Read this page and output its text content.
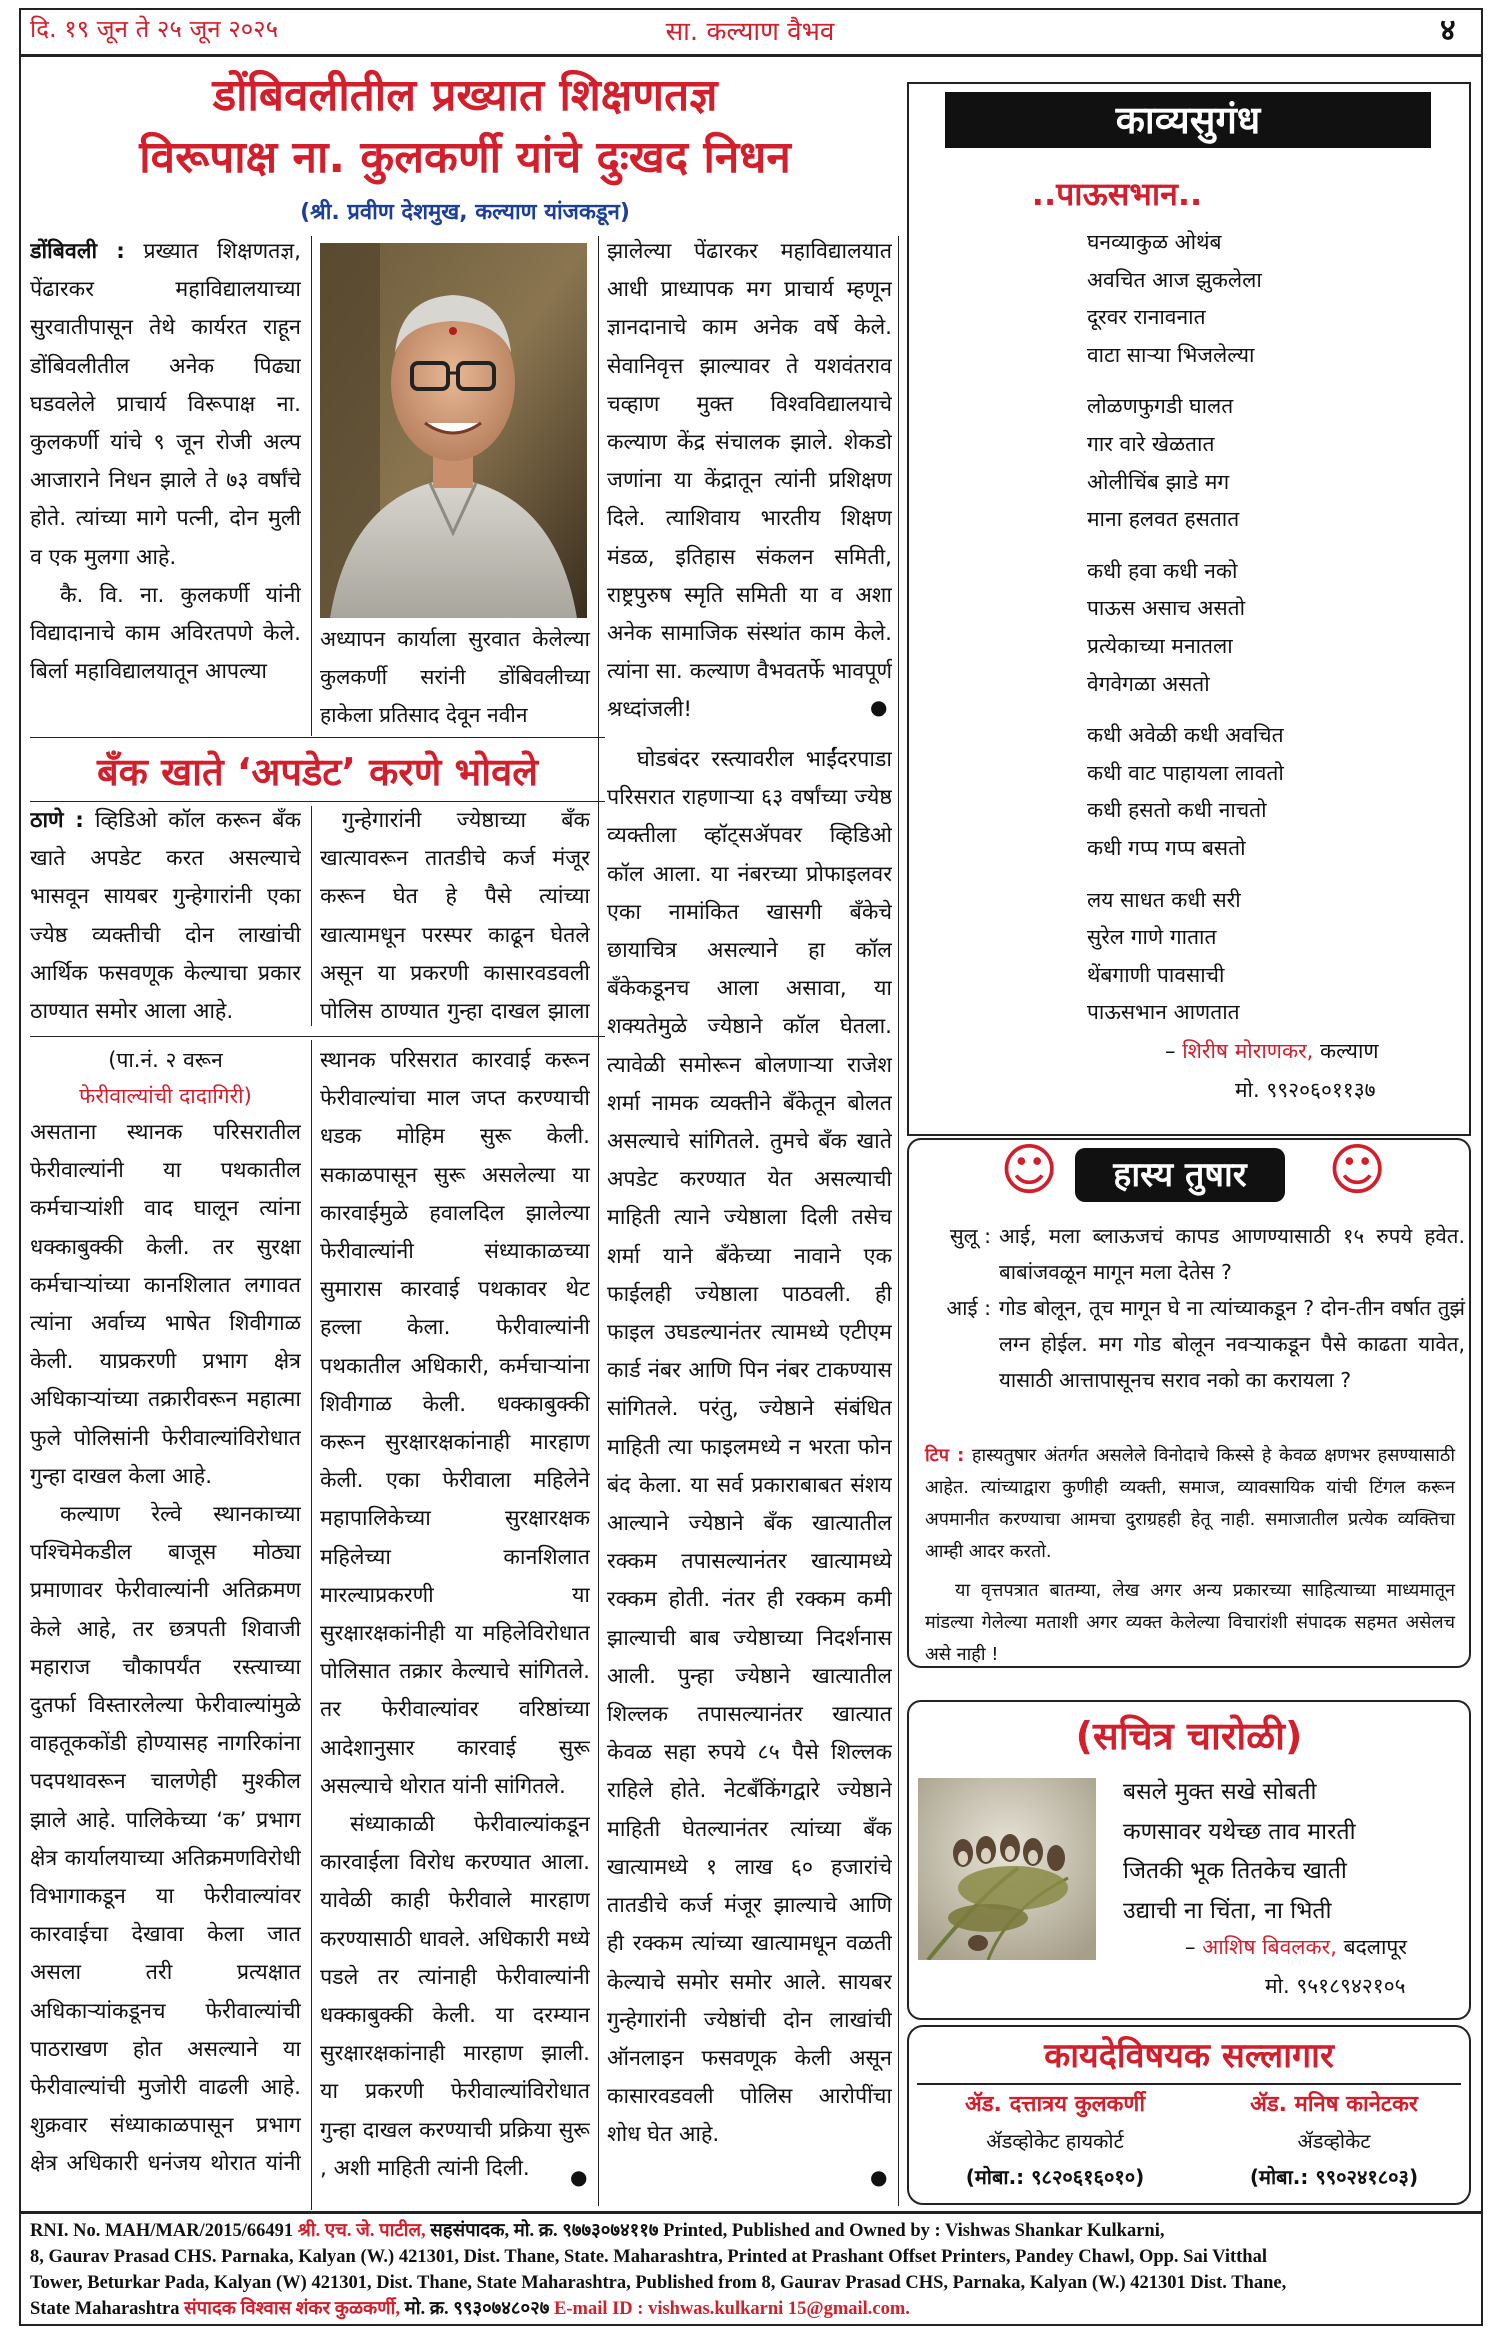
दि. १९ जून ते २५ जून २०२५	सा. कल्याण वैभव	४
डोंबिवलीतील प्रख्यात शिक्षणतज्ञ
विरूपाक्ष ना. कुलकर्णी यांचे दुःखद निधन
(श्री. प्रवीण देशमुख, कल्याण यांजकडून)

डोंबिवली : प्रख्यात शिक्षणतज्ञ, पेंढारकर महाविद्यालयाच्या सुरवातीपासून तेथे कार्यरत राहून डोंबिवलीतील अनेक पिढ्या घडवलेले प्राचार्य विरूपाक्ष ना. कुलकर्णी यांचे ९ जून रोजी अल्प आजाराने निधन झाले ते ७३ वर्षांचे होते. त्यांच्या मागे पत्नी, दोन मुली व एक मुलगा आहे.

कै. वि. ना. कुलकर्णी यांनी विद्यादानाचे काम अविरतपणे केले. बिर्ला महाविद्यालयातून आपल्या

अध्यापन कार्याला सुरवात केलेल्या कुलकर्णी सरांनी डोंबिवलीच्या हाकेला प्रतिसाद देवून नवीन

झालेल्या पेंढारकर महाविद्यालयात आधी प्राध्यापक मग प्राचार्य म्हणून ज्ञानदानाचे काम अनेक वर्षे केले. सेवानिवृत्त झाल्यावर ते यशवंतराव चव्हाण मुक्त विश्वविद्यालयाचे कल्याण केंद्र संचालक झाले. शेकडो जणांना या केंद्रातून त्यांनी प्रशिक्षण दिले. त्याशिवाय भारतीय शिक्षण मंडळ, इतिहास संकलन समिती, राष्ट्रपुरुष स्मृति समिती या व अशा अनेक सामाजिक संस्थांत काम केले. त्यांना सा. कल्याण वैभवतर्फे भावपूर्ण श्रध्दांजली!	●
बँक खाते ‘अपडेट’ करणे भोवले

ठाणे : व्हिडिओ कॉल करून बँक खाते अपडेट करत असल्याचे भासवून सायबर गुन्हेगारांनी एका ज्येष्ठ व्यक्तीची दोन लाखांची आर्थिक फसवणूक केल्याचा प्रकार ठाण्यात समोर आला आहे.

गुन्हेगारांनी ज्येष्ठाच्या बँक खात्यावरून तातडीचे कर्ज मंजूर करून घेत हे पैसे त्यांच्या खात्यामधून परस्पर काढून घेतले असून या प्रकरणी कासारवडवली पोलिस ठाण्यात गुन्हा दाखल झाला

घोडबंदर रस्त्यावरील भाईंदरपाडा परिसरात राहणाऱ्या ६३ वर्षांच्या ज्येष्ठ व्यक्तीला व्हॉट्सॲपवर व्हिडिओ कॉल आला. या नंबरच्या प्रोफाइलवर एका नामांकित खासगी बँकेचे छायाचित्र असल्याने हा कॉल बँकेकडूनच आला असावा, या शक्यतेमुळे ज्येष्ठाने कॉल घेतला. त्यावेळी समोरून बोलणाऱ्या राजेश शर्मा नामक व्यक्तीने बँकेतून बोलत असल्याचे सांगितले. तुमचे बँक खाते अपडेट करण्यात येत असल्याची माहिती त्याने ज्येष्ठाला दिली तसेच शर्मा याने बँकेच्या नावाने एक फाईलही ज्येष्ठाला पाठवली. ही फाइल उघडल्यानंतर त्यामध्ये एटीएम कार्ड नंबर आणि पिन नंबर टाकण्यास सांगितले. परंतु, ज्येष्ठाने संबंधित माहिती त्या फाइलमध्ये न भरता फोन बंद केला. या सर्व प्रकाराबाबत संशय आल्याने ज्येष्ठाने बँक खात्यातील रक्कम तपासल्यानंतर खात्यामध्ये रक्कम होती. नंतर ही रक्कम कमी झाल्याची बाब ज्येष्ठाच्या निदर्शनास आली. पुन्हा ज्येष्ठाने खात्यातील शिल्लक तपासल्यानंतर खात्यात केवळ सहा रुपये ८५ पैसे शिल्लक राहिले होते. नेटबँकिंगद्वारे ज्येष्ठाने माहिती घेतल्यानंतर त्यांच्या बँक खात्यामध्ये १ लाख ६० हजारांचे तातडीचे कर्ज मंजूर झाल्याचे आणि ही रक्कम त्यांच्या खात्यामधून वळती केल्याचे समोर समोर आले. सायबर गुन्हेगारांनी ज्येष्ठांची दोन लाखांची ऑनलाइन फसवणूक केली असून कासारवडवली पोलिस आरोपींचा शोध घेत आहे.

●
(पा.नं. २ वरून
फेरीवाल्यांची दादागिरी)

असताना स्थानक परिसरातील फेरीवाल्यांनी या पथकातील कर्मचाऱ्यांशी वाद घालून त्यांना धक्काबुक्की केली. तर सुरक्षा कर्मचाऱ्यांच्या कानशिलात लगावत त्यांना अर्वाच्य भाषेत शिवीगाळ केली. याप्रकरणी प्रभाग क्षेत्र अधिकाऱ्यांच्या तक्रारीवरून महात्मा फुले पोलिसांनी फेरीवाल्यांविरोधात गुन्हा दाखल केला आहे.

कल्याण रेल्वे स्थानकाच्या पश्चिमेकडील बाजूस मोठ्या प्रमाणावर फेरीवाल्यांनी अतिक्रमण केले आहे, तर छत्रपती शिवाजी महाराज चौकापर्यंत रस्त्याच्या दुतर्फा विस्तारलेल्या फेरीवाल्यांमुळे वाहतूककोंडी होण्यासह नागरिकांना पदपथावरून चालणेही मुश्कील झाले आहे. पालिकेच्या ‘क’ प्रभाग क्षेत्र कार्यालयाच्या अतिक्रमणविरोधी विभागाकडून या फेरीवाल्यांवर कारवाईचा देखावा केला जात असला तरी प्रत्यक्षात अधिकाऱ्यांकडूनच फेरीवाल्यांची पाठराखण होत असल्याने या फेरीवाल्यांची मुजोरी वाढली आहे. शुक्रवार संध्याकाळपासून प्रभाग क्षेत्र अधिकारी धनंजय थोरात यांनी

स्थानक परिसरात कारवाई करून फेरीवाल्यांचा माल जप्त करण्याची धडक मोहिम सुरू केली. सकाळपासून सुरू असलेल्या या कारवाईमुळे हवालदिल झालेल्या फेरीवाल्यांनी संध्याकाळच्या सुमारास कारवाई पथकावर थेट हल्ला केला. फेरीवाल्यांनी पथकातील अधिकारी, कर्मचाऱ्यांना शिवीगाळ केली. धक्काबुक्की करून सुरक्षारक्षकांनाही मारहाण केली. एका फेरीवाला महिलेने महापालिकेच्या सुरक्षारक्षक महिलेच्या कानशिलात मारल्याप्रकरणी या सुरक्षारक्षकांनीही या महिलेविरोधात पोलिसात तक्रार केल्याचे सांगितले. तर फेरीवाल्यांवर वरिष्ठांच्या आदेशानुसार कारवाई सुरू असल्याचे थोरात यांनी सांगितले.

संध्याकाळी फेरीवाल्यांकडून कारवाईला विरोध करण्यात आला. यावेळी काही फेरीवाले मारहाण करण्यासाठी धावले. अधिकारी मध्ये पडले तर त्यांनाही फेरीवाल्यांनी धक्काबुक्की केली. या दरम्यान सुरक्षारक्षकांनाही मारहाण झाली. या प्रकरणी फेरीवाल्यांविरोधात गुन्हा दाखल करण्याची प्रक्रिया सुरू , अशी माहिती त्यांनी दिली.	●
काव्यसुगंध
..पाऊसभान..
घनव्याकुळ ओथंब
अवचित आज झुकलेला
दूरवर रानावनात
वाटा साऱ्या भिजलेल्या
लोळणफुगडी घालत
गार वारे खेळतात
ओलीचिंब झाडे मग
माना हलवत हसतात
कधी हवा कधी नको
पाऊस असाच असतो
प्रत्येकाच्या मनातला
वेगवेगळा असतो
कधी अवेळी कधी अवचित
कधी वाट पाहायला लावतो
कधी हसतो कधी नाचतो
कधी गप्प गप्प बसतो
लय साधत कधी सरी
सुरेल गाणे गातात
थेंबगाणी पावसाची
पाऊसभान आणतात
– शिरीष मोराणकर, कल्याण
मो. ९९२०६०११३७
☺	हास्य तुषार	☺
सुलू : आई, मला ब्लाऊजचं कापड आणण्यासाठी १५ रुपये हवेत. बाबांजवळून मागून मला देतेस ?
आई : गोड बोलून, तूच मागून घे ना त्यांच्याकडून ? दोन-तीन वर्षात तुझं लग्न होईल. मग गोड बोलून नवऱ्याकडून पैसे काढता यावेत, यासाठी आत्तापासूनच सराव नको का करायला ?
टिप : हास्यतुषार अंतर्गत असलेले विनोदाचे किस्से हे केवळ क्षणभर हसण्यासाठी आहेत. त्यांच्याद्वारा कुणीही व्यक्ती, समाज, व्यावसायिक यांची टिंगल करून अपमानीत करण्याचा आमचा दुराग्रहही हेतू नाही. समाजातील प्रत्येक व्यक्तिचा आम्ही आदर करतो.
या वृत्तपत्रात बातम्या, लेख अगर अन्य प्रकारच्या साहित्याच्या माध्यमातून मांडल्या गेलेल्या मताशी अगर व्यक्त केलेल्या विचारांशी संपादक सहमत असेलच असे नाही !
(सचित्र चारोळी)
बसले मुक्त सखे सोबती
कणसावर यथेच्छ ताव मारती
जितकी भूक तितकेच खाती
उद्याची ना चिंता, ना भिती
– आशिष बिवलकर, बदलापूर
मो. ९५१८९४२१०५
कायदेविषयक सल्लागार
ॲड. दत्तात्रय कुलकर्णी
ॲडव्होकेट हायकोर्ट
(मोबा.: ९८२०६१६०१०)
ॲड. मनिष कानेटकर
ॲडव्होकेट
(मोबा.: ९९०२४१८०३)
RNI. No. MAH/MAR/2015/66491 श्री. एच. जे. पाटील, सहसंपादक, मो. क्र. ९७७३०७४११७ Printed, Published and Owned by : Vishwas Shankar Kulkarni,
8, Gaurav Prasad CHS. Parnaka, Kalyan (W.) 421301, Dist. Thane, State. Maharashtra, Printed at Prashant Offset Printers, Pandey Chawl, Opp. Sai Vitthal
Tower, Beturkar Pada, Kalyan (W) 421301, Dist. Thane, State Maharashtra, Published from 8, Gaurav Prasad CHS, Parnaka, Kalyan (W.) 421301 Dist. Thane,
State Maharashtra संपादक विश्वास शंकर कुळकर्णी, मो. क्र. ९९३०७४८०२७ E-mail ID : vishwas.kulkarni 15@gmail.com.
